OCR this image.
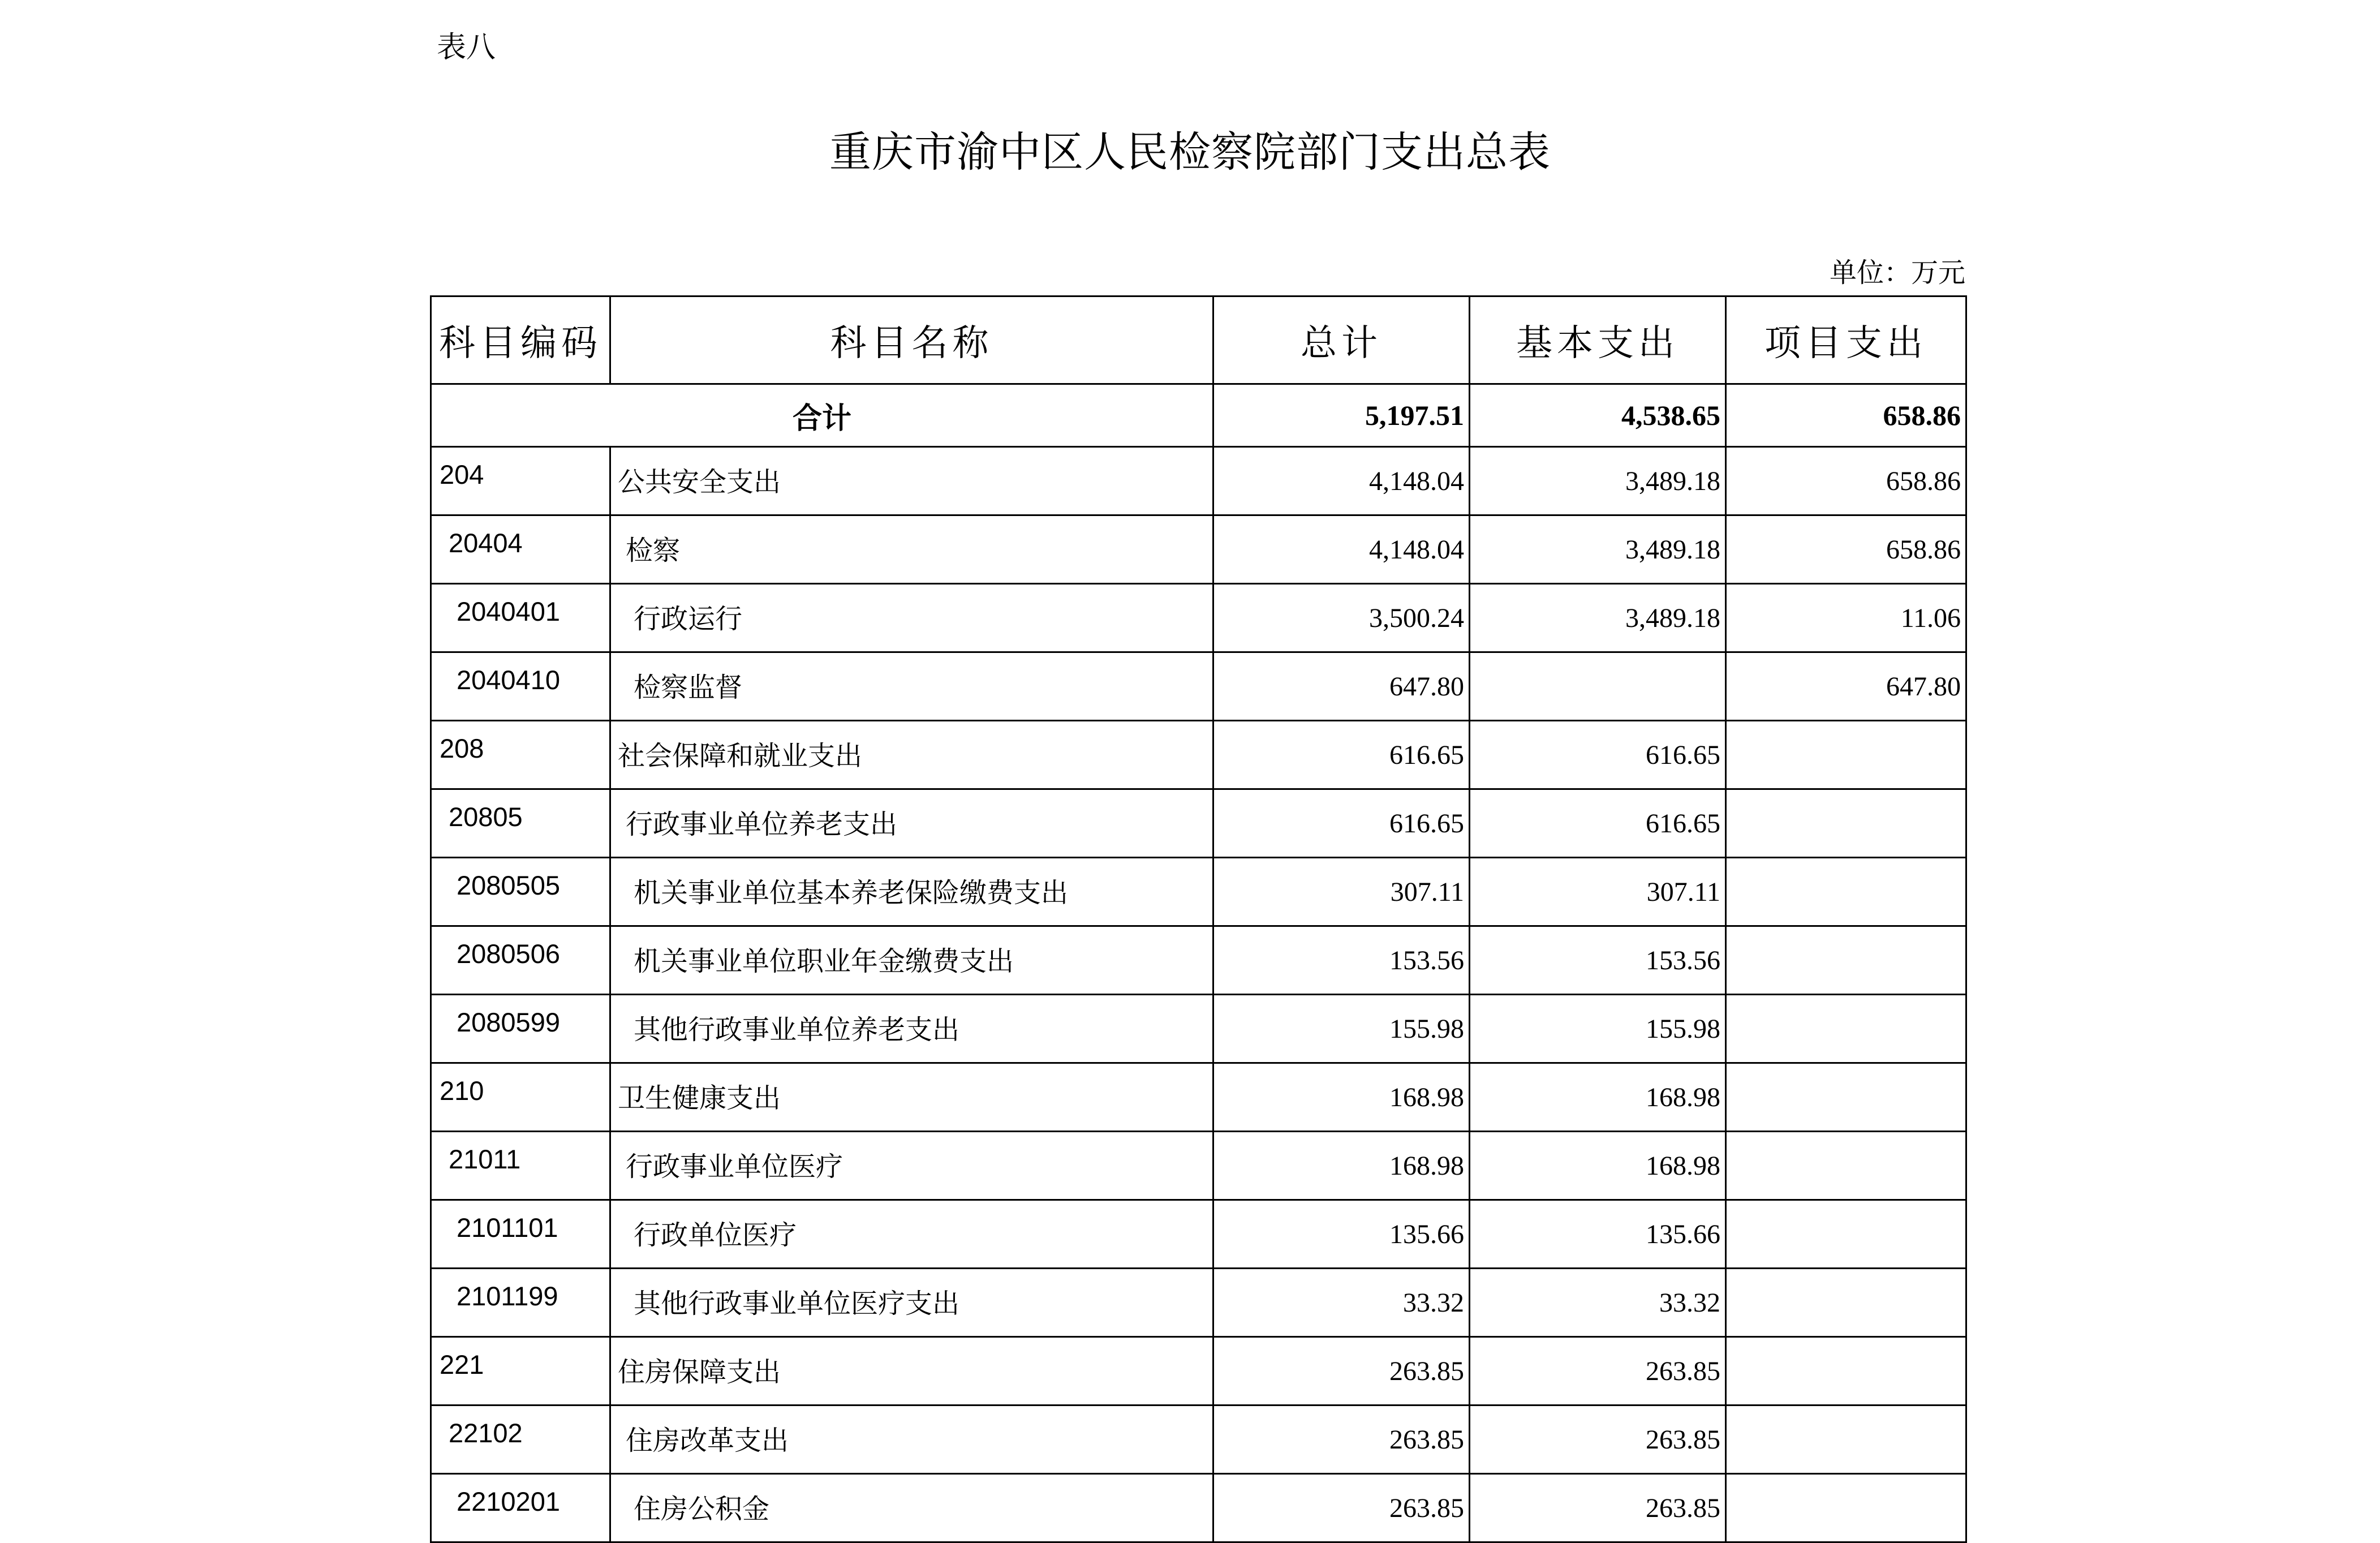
表八
重庆市渝中区人民检察院部门支出总表
单位：万元
科目编码	科目名称	总计	基本支出	项目支出
合计		5,197.51	4,538.65	658.86
204	公共安全支出	4,148.04	3,489.18	658.86
20404	检察	4,148.04	3,489.18	658.86
2040401	行政运行	3,500.24	3,489.18	11.06
2040410	检察监督	647.80		647.80
208	社会保障和就业支出	616.65	616.65	
20805	行政事业单位养老支出	616.65	616.65	
2080505	机关事业单位基本养老保险缴费支出	307.11	307.11	
2080506	机关事业单位职业年金缴费支出	153.56	153.56	
2080599	其他行政事业单位养老支出	155.98	155.98	
210	卫生健康支出	168.98	168.98	
21011	行政事业单位医疗	168.98	168.98	
2101101	行政单位医疗	135.66	135.66	
2101199	其他行政事业单位医疗支出	33.32	33.32	
221	住房保障支出	263.85	263.85	
22102	住房改革支出	263.85	263.85	
2210201	住房公积金	263.85	263.85	
